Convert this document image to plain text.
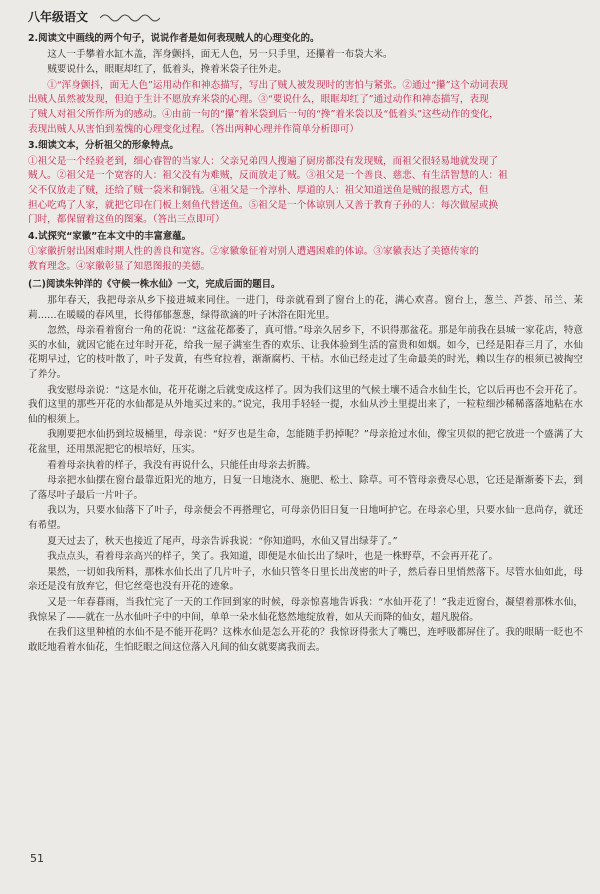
八年级语文
2.阅读文中画线的两个句子，说说作者是如何表现贼人的心理变化的。
这人一手攀着水缸木盖，浑身颤抖，面无人色，另一只手里，还攥着一布袋大米。
贼要说什么，眼眶却红了，低着头，搀着米袋子往外走。
①“浑身颤抖，面无人色”运用动作和神态描写，写出了贼人被发现时的害怕与紧张。②通过“攥”这个动词表现
出贼人虽然被发现，但迫于生计不愿放弃米袋的心理。③“要说什么，眼眶却红了”通过动作和神态描写，表现
了贼人对祖父所作所为的感动。④由前一句的“攥”着米袋到后一句的“搀”着米袋以及“低着头”这些动作的变化，
表现出贼人从害怕到羞愧的心理变化过程。（答出两种心理并作简单分析即可）
3.细读文本，分析祖父的形象特点。
①祖父是一个经验老到，细心睿智的当家人：父亲兄弟四人搜遍了厨房都没有发现贼，而祖父很轻易地就发现了
贼人。②祖父是一个宽容的人：祖父没有为难贼，反而放走了贼。③祖父是一个善良、慈悲、有生活智慧的人：祖
父不仅放走了贼，还给了贼一袋米和铜钱。④祖父是一个淳朴、厚道的人：祖父知道送鱼是贼的报恩方式，但
担心吃鸡了人家，就把它印在门板上刻鱼代替送鱼。⑤祖父是一个体谅别人又善于教育子孙的人：每次做屋或换
门时，都保留着这鱼的图案。（答出三点即可）
4.试探究“家徽”在本文中的丰富意蕴。
①家徽折射出困难时期人性的善良和宽容。②家徽象征着对别人遭遇困难的体谅。③家徽表达了美德传家的
教育理念。④家徽彰显了知恩图报的美德。
(二)阅读朱钟洋的《守候一株水仙》一文，完成后面的题目。
那年春天，我把母亲从乡下接进城来同住。一进门，母亲就看到了窗台上的花，满心欢喜。窗台上，葱兰、芦荟、吊兰、茉莉……在暖暖的春风里，长得郁郁葱葱，绿得欲滴的叶子沐浴在阳光里。
忽然，母亲看着窗台一角的花说：“这盆花都萎了，真可惜。”母亲久居乡下，不识得那盆花。那是年前我在县城一家花店，特意买的水仙，就因它能在过年时开花，给我一屋子满室生香的欢乐、让我体验到生活的富贵和如烟。如今，已经是阳春三月了，水仙花期早过，它的枝叶散了，叶子发黄，有些耷拉着，渐渐腐朽、干枯。水仙已经走过了生命最美的时光，赖以生存的根须已被掏空了养分。
我安慰母亲说：“这是水仙，花开花谢之后就变成这样了。因为我们这里的气候土壤不适合水仙生长，它以后再也不会开花了。我们这里的那些开花的水仙都是从外地买过来的。”说完，我用手轻轻一提，水仙从沙土里提出来了，一粒粒细沙稀稀落落地粘在水仙的根须上。
我刚要把水仙扔到垃圾桶里，母亲说：“好歹也是生命，怎能随手扔掉呢？”母亲抢过水仙，像宝贝似的把它放进一个盛满了大花盆里，还用黑泥把它的根培好，压实。
看着母亲执着的样子，我没有再说什么，只能任由母亲去折腾。
母亲把水仙摆在窗台最靠近阳光的地方，日复一日地浇水、施肥、松土、除草。可不管母亲费尽心思，它还是渐渐萎下去，到了落尽叶子最后一片叶子。
我以为，只要水仙落下了叶子，母亲便会不再搭理它，可母亲仍旧日复一日地呵护它。在母亲心里，只要水仙一息尚存，就还有希望。
夏天过去了，秋天也接近了尾声，母亲告诉我说：“你知道吗，水仙又冒出绿芽了。”
我点点头，看着母亲高兴的样子，笑了。我知道，即便是水仙长出了绿叶，也是一株野草，不会再开花了。
果然，一切如我所料，那株水仙长出了几片叶子，水仙只管冬日里长出茂密的叶子，然后春日里悄然落下。尽管水仙如此，母亲还是没有放弃它，但它丝毫也没有开花的迹象。
又是一年春暮雨，当我忙完了一天的工作回到家的时候，母亲惊喜地告诉我：“水仙开花了！”我走近窗台，凝望着那株水仙，我惊呆了——就在一丛水仙叶子中的中间，单单一朵水仙花悠然地绽放着，如从天而降的仙女，超凡脱俗。
在我们这里种植的水仙不是不能开花吗？这株水仙是怎么开花的？我惊讶得张大了嘴巴，连呼吸都屏住了。我的眼睛一眨也不敢眨地看着水仙花，生怕眨眼之间这位落入凡间的仙女就要离我而去。
51
